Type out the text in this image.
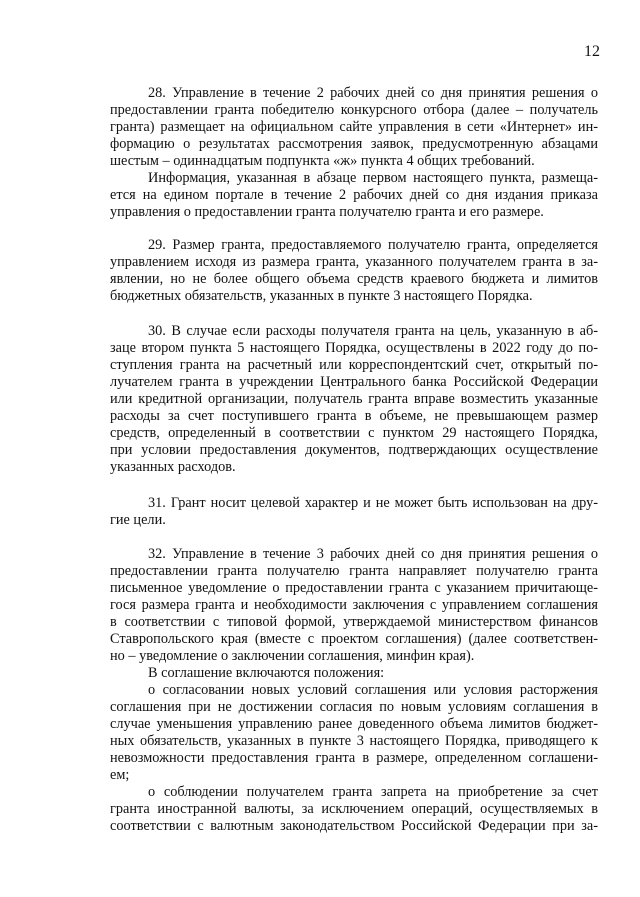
12
28. Управление в течение 2 рабочих дней со дня принятия решения о
предоставлении гранта победителю конкурсного отбора (далее – получатель
гранта) размещает на официальном сайте управления в сети «Интернет» ин-
формацию о результатах рассмотрения заявок, предусмотренную абзацами
шестым – одиннадцатым подпункта «ж» пункта 4 общих требований.
Информация, указанная в абзаце первом настоящего пункта, размеща-
ется на едином портале в течение 2 рабочих дней со дня издания приказа
управления о предоставлении гранта получателю гранта и его размере.
29. Размер гранта, предоставляемого получателю гранта, определяется
управлением исходя из размера гранта, указанного получателем гранта в за-
явлении, но не более общего объема средств краевого бюджета и лимитов
бюджетных обязательств, указанных в пункте 3 настоящего Порядка.
30. В случае если расходы получателя гранта на цель, указанную в аб-
заце втором пункта 5 настоящего Порядка, осуществлены в 2022 году до по-
ступления гранта на расчетный или корреспондентский счет, открытый по-
лучателем гранта в учреждении Центрального банка Российской Федерации
или кредитной организации, получатель гранта вправе возместить указанные
расходы за счет поступившего гранта в объеме, не превышающем размер
средств, определенный в соответствии с пунктом 29 настоящего Порядка,
при условии предоставления документов, подтверждающих осуществление
указанных расходов.
31. Грант носит целевой характер и не может быть использован на дру-
гие цели.
32. Управление в течение 3 рабочих дней со дня принятия решения о
предоставлении гранта получателю гранта направляет получателю гранта
письменное уведомление о предоставлении гранта с указанием причитающе-
гося размера гранта и необходимости заключения с управлением соглашения
в соответствии с типовой формой, утверждаемой министерством финансов
Ставропольского края (вместе с проектом соглашения) (далее соответствен-
но – уведомление о заключении соглашения, минфин края).
В соглашение включаются положения:
о согласовании новых условий соглашения или условия расторжения
соглашения при не достижении согласия по новым условиям соглашения в
случае уменьшения управлению ранее доведенного объема лимитов бюджет-
ных обязательств, указанных в пункте 3 настоящего Порядка, приводящего к
невозможности предоставления гранта в размере, определенном соглашени-
ем;
о соблюдении получателем гранта запрета на приобретение за счет
гранта иностранной валюты, за исключением операций, осуществляемых в
соответствии с валютным законодательством Российской Федерации при за-
